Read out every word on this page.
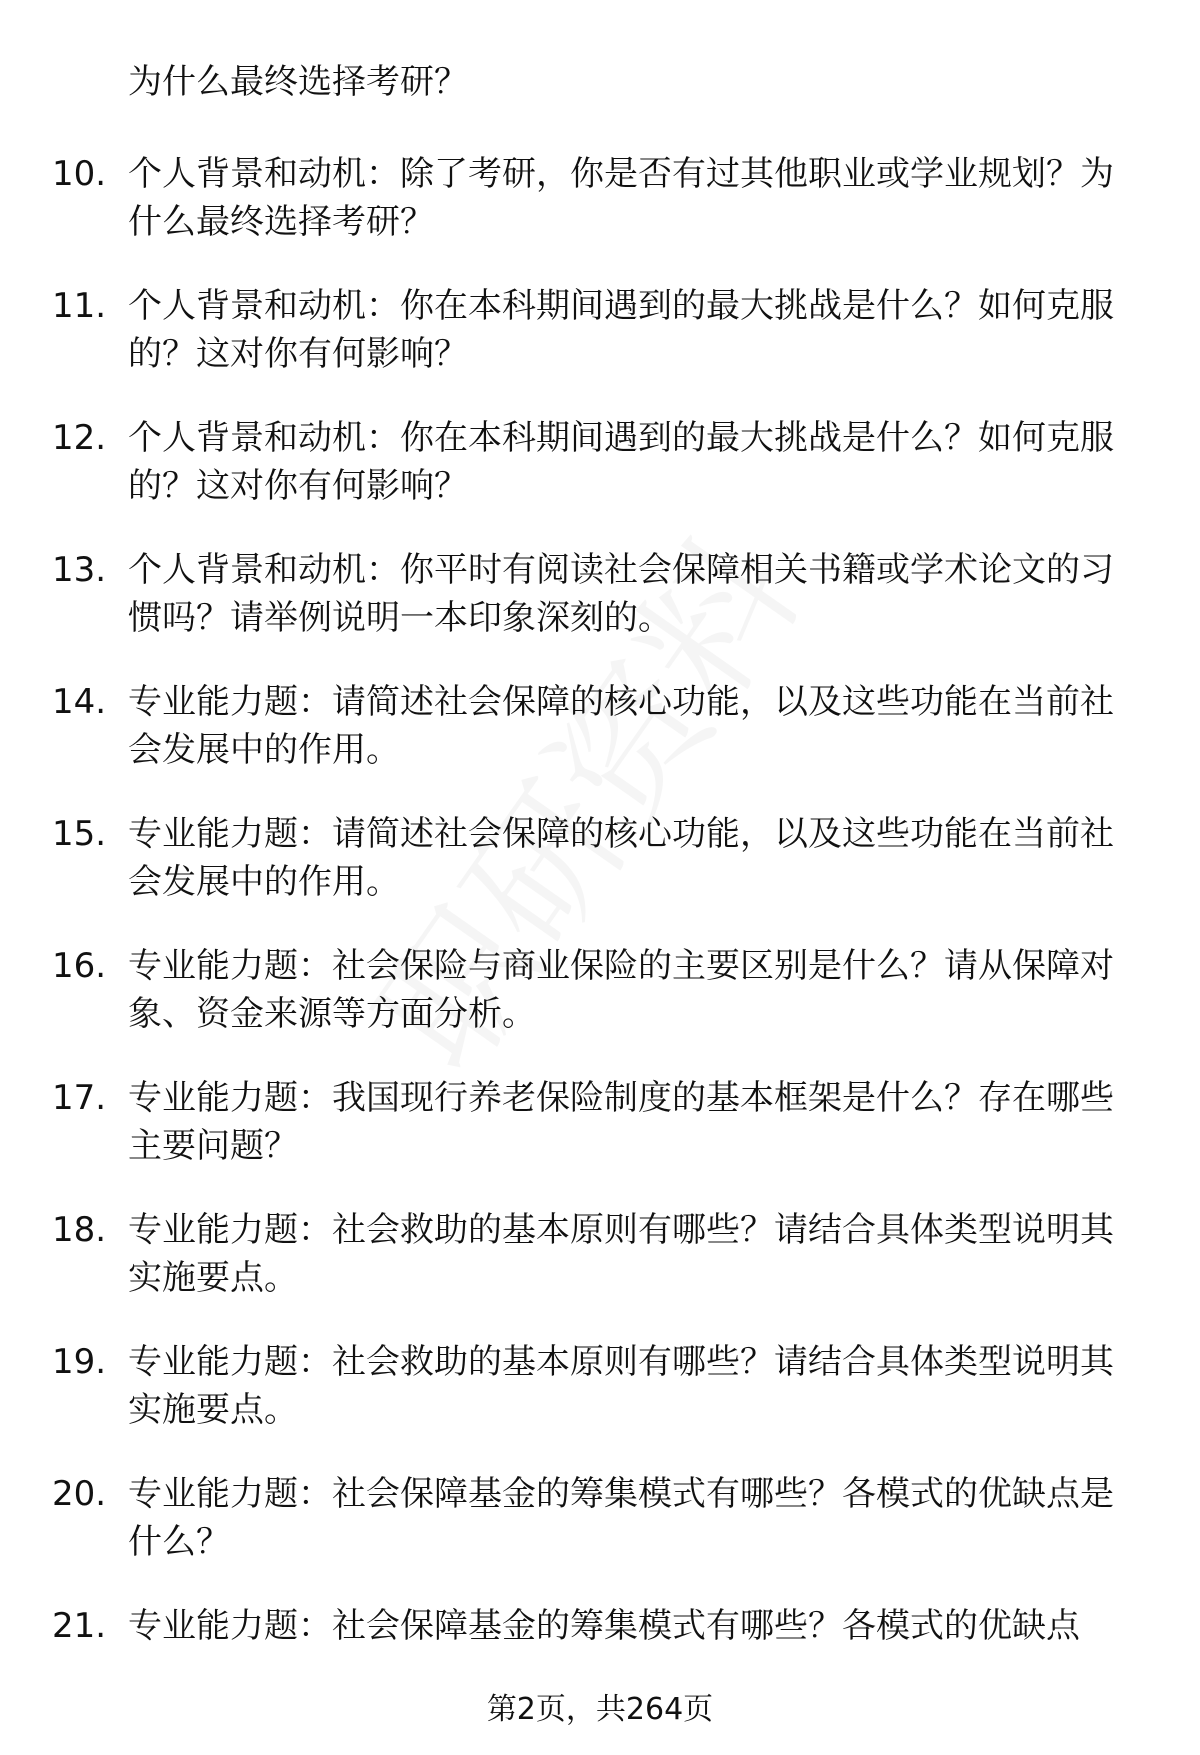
为什么最终选择考研？
10. 个人背景和动机：除了考研，你是否有过其他职业或学业规划？为什么最终选择考研？
11. 个人背景和动机：你在本科期间遇到的最大挑战是什么？如何克服的？这对你有何影响？
12. 个人背景和动机：你在本科期间遇到的最大挑战是什么？如何克服的？这对你有何影响？
13. 个人背景和动机：你平时有阅读社会保障相关书籍或学术论文的习惯吗？请举例说明一本印象深刻的。
14. 专业能力题：请简述社会保障的核心功能，以及这些功能在当前社会发展中的作用。
15. 专业能力题：请简述社会保障的核心功能，以及这些功能在当前社会发展中的作用。
16. 专业能力题：社会保险与商业保险的主要区别是什么？请从保障对象、资金来源等方面分析。
17. 专业能力题：我国现行养老保险制度的基本框架是什么？存在哪些主要问题？
18. 专业能力题：社会救助的基本原则有哪些？请结合具体类型说明其实施要点。
19. 专业能力题：社会救助的基本原则有哪些？请结合具体类型说明其实施要点。
20. 专业能力题：社会保障基金的筹集模式有哪些？各模式的优缺点是什么？
21. 专业能力题：社会保障基金的筹集模式有哪些？各模式的优缺点
第2页，共264页
